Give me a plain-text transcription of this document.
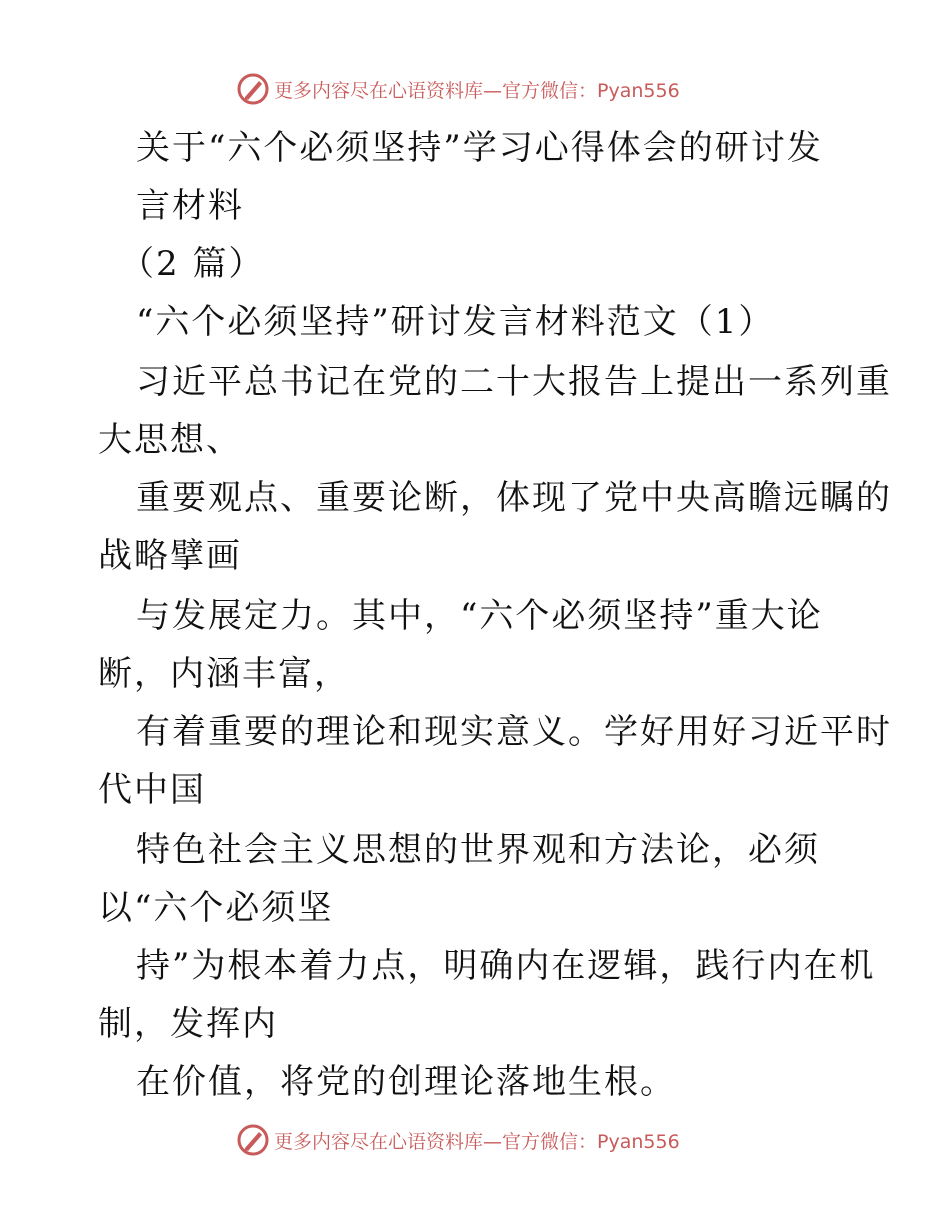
更多内容尽在心语资料库—官方微信：Pyan556
关于“六个必须坚持”学习心得体会的研讨发
言材料
（2 篇）
“六个必须坚持”研讨发言材料范文（1）
习近平总书记在党的二十大报告上提出一系列重
大思想、
重要观点、重要论断，体现了党中央高瞻远瞩的
战略擘画
与发展定力。其中，“六个必须坚持”重大论
断，内涵丰富，
有着重要的理论和现实意义。学好用好习近平时
代中国
特色社会主义思想的世界观和方法论，必须
以“六个必须坚
持”为根本着力点，明确内在逻辑，践行内在机
制，发挥内
在价值，将党的创理论落地生根。
更多内容尽在心语资料库—官方微信：Pyan556
